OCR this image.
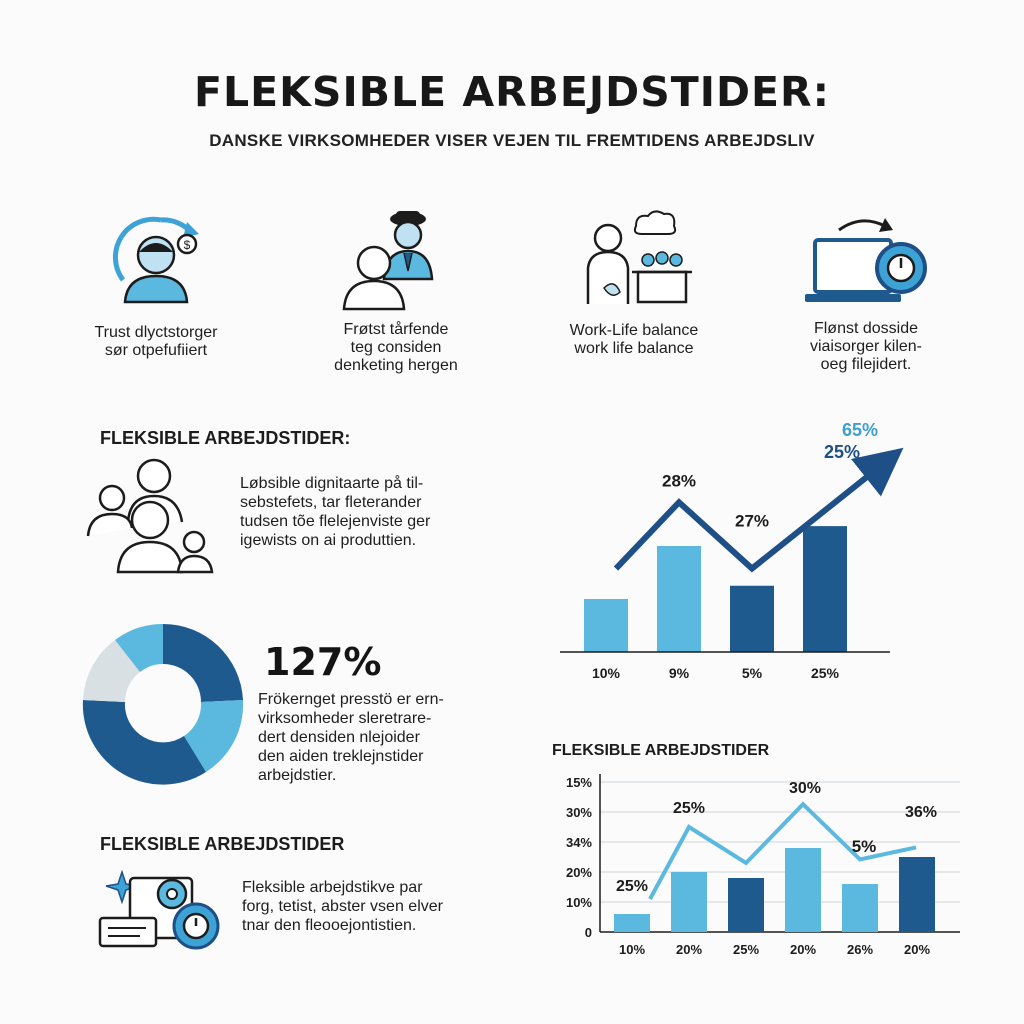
FLEKSIBLE ARBEJDSTIDER:
DANSKE VIRKSOMHEDER VISER VEJEN TIL FREMTIDENS ARBEJDSLIV
$
Trust dlyctstorger
sør otpefufiiert
Frøtst tårfende
teg considen
denketing hergen
Work-Life balance
work life balance
Flønst dosside
viaisorger kilen-
oeg filejidert.
FLEKSIBLE ARBEJDSTIDER:
Løbsible dignitaarte på til-
sebstefets, tar fleterander
tudsen tõe flelejenviste ger
igewists on ai produttien.
127%
Frökernget presstö er ern-
virksomheder sleretrare-
dert densiden nlejoider
den aiden treklejnstider
arbejdstier.
FLEKSIBLE ARBEJDSTIDER
Fleksible arbejdstikve par
forg, tetist, abster vsen elver
tnar den fleooejontistien.
10%	9%	5%	25%
28%
27%
65%
25%
FLEKSIBLE ARBEJDSTIDER
0
10%
20%
34%
30%
15%
10% 20% 25% 20% 26% 20%
25%
25%
30%
5%
36%
